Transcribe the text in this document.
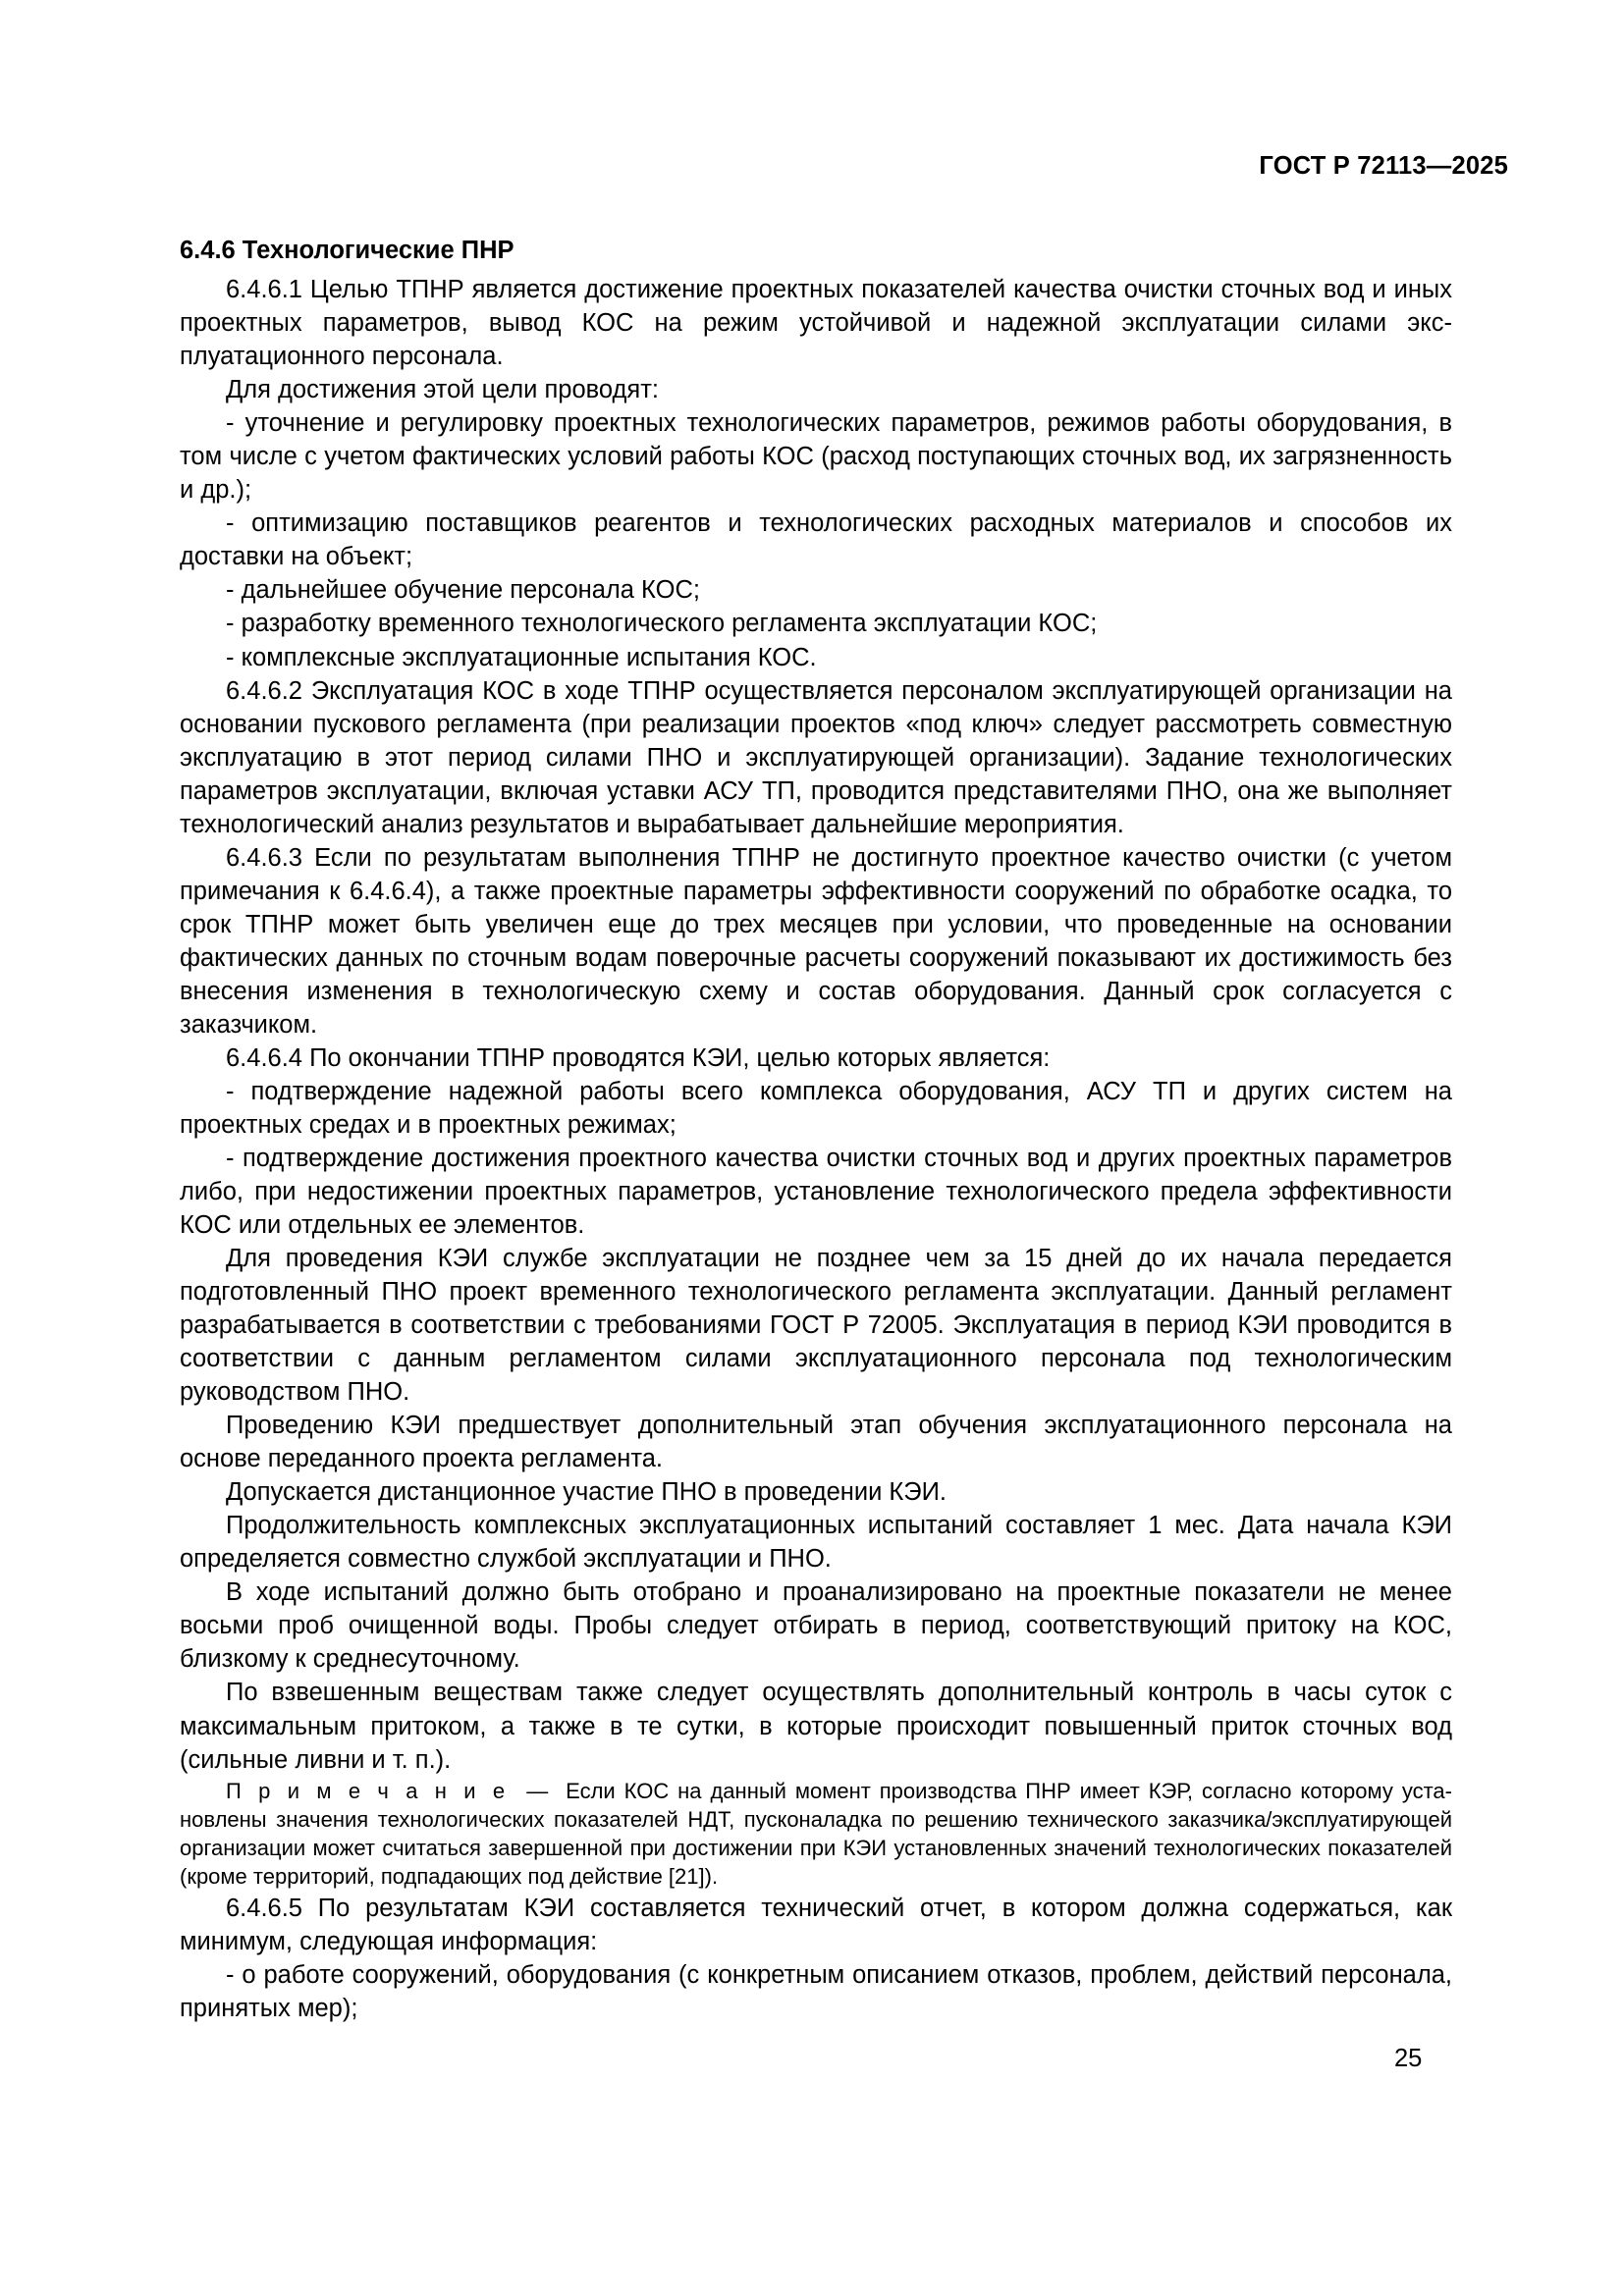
ГОСТ Р 72113—2025
6.4.6 Технологические ПНР

6.4.6.1 Целью ТПНР является достижение проектных показателей качества очистки сточных вод и иных проектных параметров, вывод КОС на режим устойчивой и надежной эксплуатации силами эксплуатационного персонала.

Для достижения этой цели проводят:

- уточнение и регулировку проектных технологических параметров, режимов работы оборудования, в том числе с учетом фактических условий работы КОС (расход поступающих сточных вод, их загрязненность и др.);

- оптимизацию поставщиков реагентов и технологических расходных материалов и способов их доставки на объект;

- дальнейшее обучение персонала КОС;

- разработку временного технологического регламента эксплуатации КОС;

- комплексные эксплуатационные испытания КОС.

6.4.6.2 Эксплуатация КОС в ходе ТПНР осуществляется персоналом эксплуатирующей организации на основании пускового регламента (при реализации проектов «под ключ» следует рассмотреть совместную эксплуатацию в этот период силами ПНО и эксплуатирующей организации). Задание технологических параметров эксплуатации, включая уставки АСУ ТП, проводится представителями ПНО, она же выполняет технологический анализ результатов и вырабатывает дальнейшие мероприятия.

6.4.6.3 Если по результатам выполнения ТПНР не достигнуто проектное качество очистки (с учетом примечания к 6.4.6.4), а также проектные параметры эффективности сооружений по обработке осадка, то срок ТПНР может быть увеличен еще до трех месяцев при условии, что проведенные на основании фактических данных по сточным водам поверочные расчеты сооружений показывают их достижимость без внесения изменения в технологическую схему и состав оборудования. Данный срок согласуется с заказчиком.

6.4.6.4 По окончании ТПНР проводятся КЭИ, целью которых является:

- подтверждение надежной работы всего комплекса оборудования, АСУ ТП и других систем на проектных средах и в проектных режимах;

- подтверждение достижения проектного качества очистки сточных вод и других проектных параметров либо, при недостижении проектных параметров, установление технологического предела эффективности КОС или отдельных ее элементов.

Для проведения КЭИ службе эксплуатации не позднее чем за 15 дней до их начала передается подготовленный ПНО проект временного технологического регламента эксплуатации. Данный регламент разрабатывается в соответствии с требованиями ГОСТ Р 72005. Эксплуатация в период КЭИ проводится в соответствии с данным регламентом силами эксплуатационного персонала под технологическим руководством ПНО.

Проведению КЭИ предшествует дополнительный этап обучения эксплуатационного персонала на основе переданного проекта регламента.

Допускается дистанционное участие ПНО в проведении КЭИ.

Продолжительность комплексных эксплуатационных испытаний составляет 1 мес. Дата начала КЭИ определяется совместно службой эксплуатации и ПНО.

В ходе испытаний должно быть отобрано и проанализировано на проектные показатели не менее восьми проб очищенной воды. Пробы следует отбирать в период, соответствующий притоку на КОС, близкому к среднесуточному.

По взвешенным веществам также следует осуществлять дополнительный контроль в часы суток с максимальным притоком, а также в те сутки, в которые происходит повышенный приток сточных вод (сильные ливни и т. п.).

П р и м е ч а н и е — Если КОС на данный момент производства ПНР имеет КЭР, согласно которому установлены значения технологических показателей НДТ, пусконаладка по решению технического заказчика/эксплуатирующей организации может считаться завершенной при достижении при КЭИ установленных значений технологических показателей (кроме территорий, подпадающих под действие [21]).

6.4.6.5 По результатам КЭИ составляется технический отчет, в котором должна содержаться, как минимум, следующая информация:

- о работе сооружений, оборудования (с конкретным описанием отказов, проблем, действий персонала, принятых мер);

25
